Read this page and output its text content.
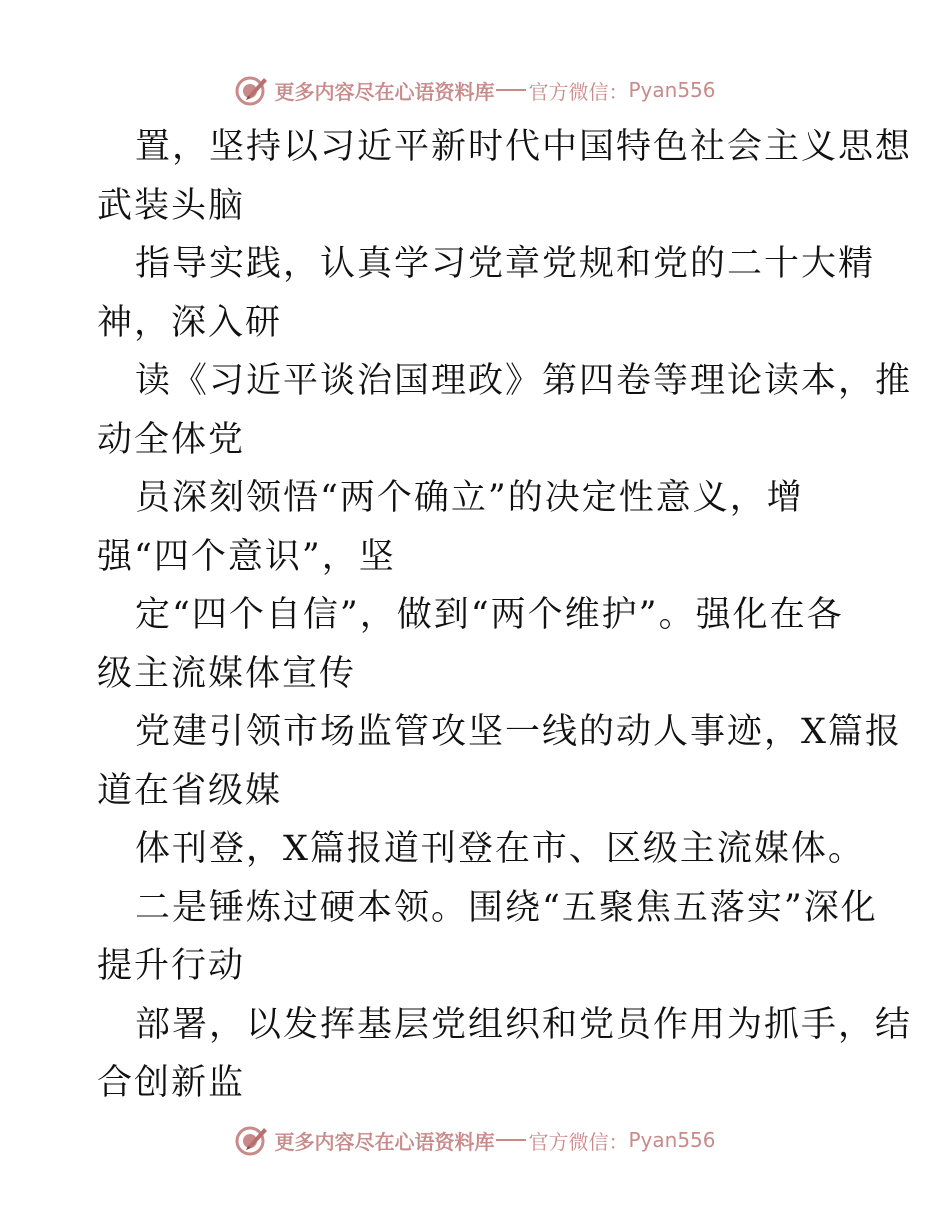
更多内容尽在心语资料库 官方微信： Pyan556
置，坚持以习近平新时代中国特色社会主义思想
武装头脑
指导实践，认真学习党章党规和党的二十大精
神，深入研
读《习近平谈治国理政》第四卷等理论读本，推
动全体党
员深刻领悟“两个确立”的决定性意义，增
强“四个意识”，坚
定“四个自信”，做到“两个维护”。强化在各
级主流媒体宣传
党建引领市场监管攻坚一线的动人事迹，X篇报
道在省级媒
体刊登，X篇报道刊登在市、区级主流媒体。
二是锤炼过硬本领。围绕“五聚焦五落实”深化
提升行动
部署，以发挥基层党组织和党员作用为抓手，结
合创新监
更多内容尽在心语资料库 官方微信： Pyan556
